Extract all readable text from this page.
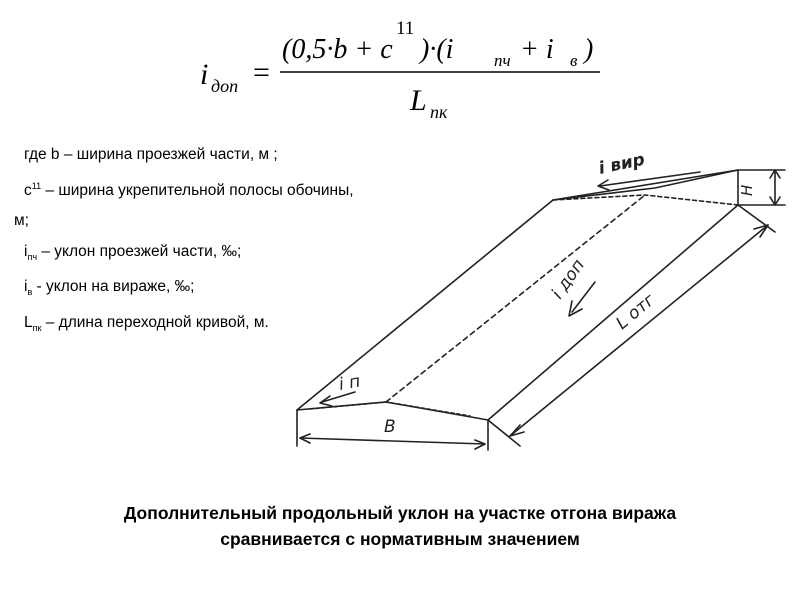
i доп =
(0,5·b + c
11
)·(i пч + i в )
L пк
где b – ширина проезжей части, м ;
$с^{11}$ – ширина укрепительной полосы обочины,
м;
$i_{пч}$ – уклон проезжей части, ‰;
$i_в$ - уклон на вираже, ‰;
$L_{пк}$ – длина переходной кривой, м.
i вир
H
i доп
L отг
i п
B
Дополнительный продольный уклон на участке отгона виража
сравнивается с нормативным значением
